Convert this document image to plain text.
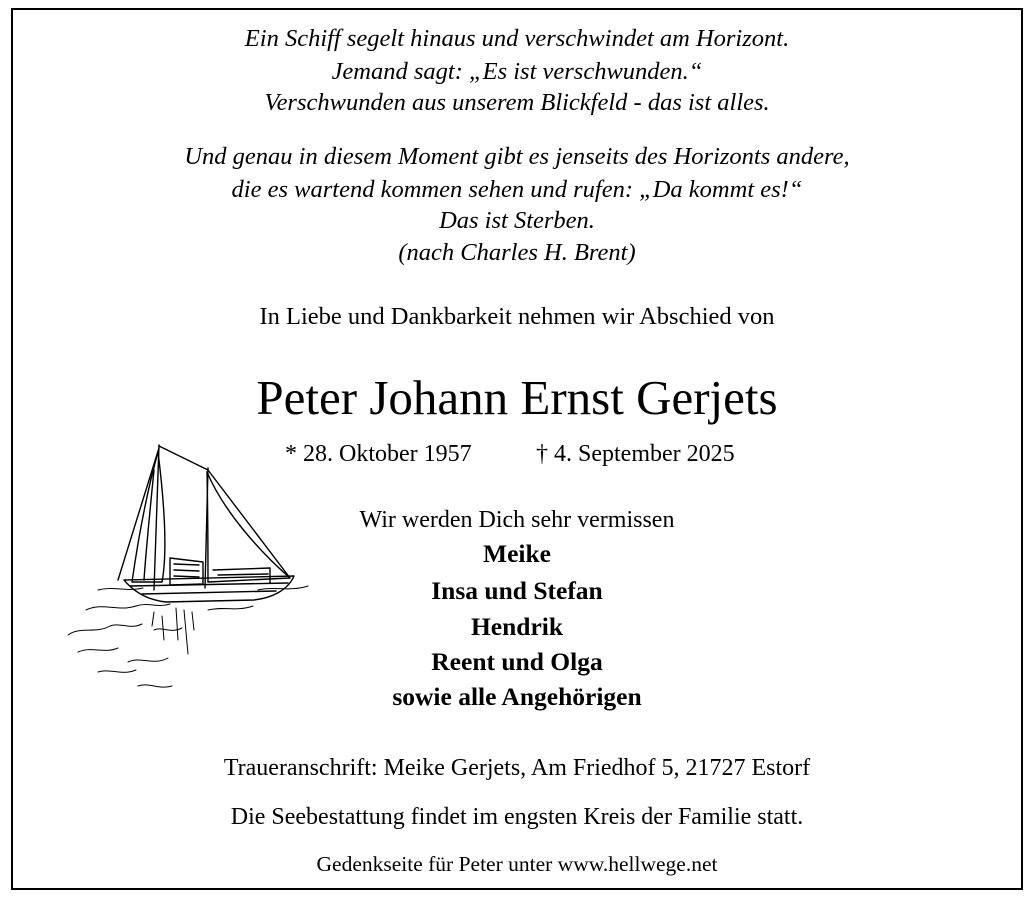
Ein Schiff segelt hinaus und verschwindet am Horizont.
Jemand sagt: „Es ist verschwunden.“
Verschwunden aus unserem Blickfeld - das ist alles.
Und genau in diesem Moment gibt es jenseits des Horizonts andere,
die es wartend kommen sehen und rufen: „Da kommt es!“
Das ist Sterben.
(nach Charles H. Brent)
In Liebe und Dankbarkeit nehmen wir Abschied von
Peter Johann Ernst Gerjets
* 28. Oktober 1957	† 4. September 2025
Wir werden Dich sehr vermissen
Meike
Insa und Stefan
Hendrik
Reent und Olga
sowie alle Angehörigen
Traueranschrift: Meike Gerjets, Am Friedhof 5, 21727 Estorf
Die Seebestattung findet im engsten Kreis der Familie statt.
Gedenkseite für Peter unter www.hellwege.net
